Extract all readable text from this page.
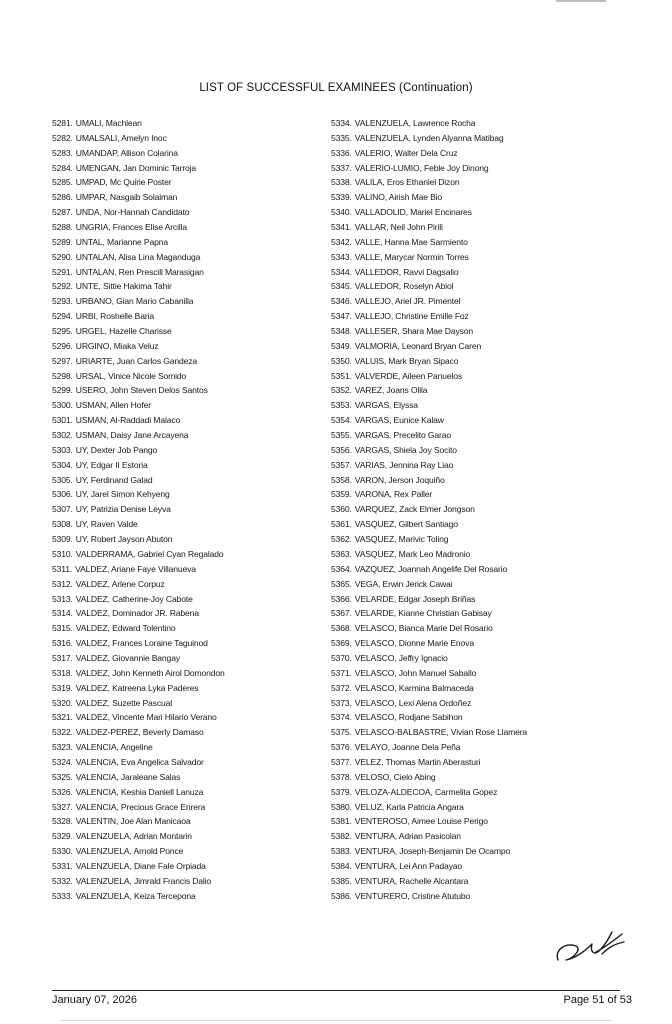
LIST OF SUCCESSFUL EXAMINEES (Continuation)
5281. UMALI, Machlean
5282. UMALSALI, Amelyn Inoc
5283. UMANDAP, Allison Colarina
5284. UMENGAN, Jan Dominic Tarroja
5285. UMPAD, Mc Quirie Poster
5286. UMPAR, Nasgaib Solaiman
5287. UNDA, Nor-Hannah Candidato
5288. UNGRIA, Frances Elise Arcilla
5289. UNTAL, Marianne Papna
5290. UNTALAN, Alisa Lina Maganduga
5291. UNTALAN, Ren Prescill Marasigan
5292. UNTE, Sittie Hakima Tahir
5293. URBANO, Gian Mario Cabanilla
5294. URBI, Roshelle Baria
5295. URGEL, Hazelle Charisse
5296. URGINO, Miaka Veluz
5297. URIARTE, Juan Carlos Gandeza
5298. URSAL, Vinice Nicole Somido
5299. USERO, John Steven Delos Santos
5300. USMAN, Allen Hofer
5301. USMAN, Al-Raddadi Malaco
5302. USMAN, Daisy Jane Arcayena
5303. UY, Dexter Job Pango
5304. UY, Edgar II Estoria
5305. UY, Ferdinand Galad
5306. UY, Jarel Simon Kehyeng
5307. UY, Patrizia Denise Leyva
5308. UY, Raven Valde
5309. UY, Robert Jayson Abuton
5310. VALDERRAMA, Gabriel Cyan Regalado
5311. VALDEZ, Ariane Faye Villanueva
5312. VALDEZ, Arlene Corpuz
5313. VALDEZ, Catherine-Joy Cabote
5314. VALDEZ, Dominador JR. Rabena
5315. VALDEZ, Edward Tolentino
5316. VALDEZ, Frances Loraine Taguinod
5317. VALDEZ, Giovannie Bangay
5318. VALDEZ, John Kenneth Airol Domondon
5319. VALDEZ, Katreena Lyka Paderes
5320. VALDEZ, Suzette Pascual
5321. VALDEZ, Vincente Mari Hilario Verano
5322. VALDEZ-PEREZ, Beverly Damaso
5323. VALENCIA, Angeline
5324. VALENCIA, Eva Angelica Salvador
5325. VALENCIA, Jaraleane Salas
5326. VALENCIA, Keshia Daniell Lanuza
5327. VALENCIA, Precious Grace Enrera
5328. VALENTIN, Joe Alan Manicaoa
5329. VALENZUELA, Adrian Montarin
5330. VALENZUELA, Arnold Ponce
5331. VALENZUELA, Diane Fale Orpiada
5332. VALENZUELA, Jimrald Francis Dalio
5333. VALENZUELA, Keiza Tercepona
5334. VALENZUELA, Lawrence Rocha
5335. VALENZUELA, Lynden Alyanna Matibag
5336. VALERIO, Walter Dela Cruz
5337. VALERIO-LUMIO, Feble Joy Dinong
5338. VALILA, Eros Ethaniel Dizon
5339. VALINO, Airish Mae Bio
5340. VALLADOLID, Mariel Encinares
5341. VALLAR, Neil John Pirili
5342. VALLE, Hanna Mae Sarmiento
5343. VALLE, Marycar Normin Torres
5344. VALLEDOR, Ravvi Dagsalio
5345. VALLEDOR, Roselyn Abiol
5346. VALLEJO, Ariel JR. Pimentel
5347. VALLEJO, Christine Emille Foz
5348. VALLESER, Shara Mae Dayson
5349. VALMORIA, Leonard Bryan Caren
5350. VALUIS, Mark Bryan Sipaco
5351. VALVERDE, Aileen Panuelos
5352. VAREZ, Joans Olila
5353. VARGAS, Elyssa
5354. VARGAS, Eunice Kalaw
5355. VARGAS, Precelito Garao
5356. VARGAS, Shiela Joy Socito
5357. VARIAS, Jennina Ray Liao
5358. VARON, Jerson Joquiño
5359. VARONA, Rex Paller
5360. VARQUEZ, Zack Elmer Jongson
5361. VASQUEZ, Gilbert Santiago
5362. VASQUEZ, Marivic Toling
5363. VASQUEZ, Mark Leo Madronio
5364. VAZQUEZ, Joannah Angelife Del Rosario
5365. VEGA, Erwin Jerick Cawai
5366. VELARDE, Edgar Joseph Briñas
5367. VELARDE, Kianne Christian Gabisay
5368. VELASCO, Bianca Marie Del Rosario
5369. VELASCO, Dionne Marie Enova
5370. VELASCO, Jeffry Ignacio
5371. VELASCO, John Manuel Saballo
5372. VELASCO, Karmina Balmaceda
5373. VELASCO, Lexi Alena Ordoñez
5374. VELASCO, Rodjane Sabihon
5375. VELASCO-BALBASTRE, Vivian Rose Llamera
5376. VELAYO, Joanne Dela Peña
5377. VELEZ, Thomas Martin Aberasturi
5378. VELOSO, Cielo Abing
5379. VELOZA-ALDECOA, Carmelita Gopez
5380. VELUZ, Karla Patricia Angara
5381. VENTEROSO, Aimee Louise Perigo
5382. VENTURA, Adrian Pasicolan
5383. VENTURA, Joseph-Benjamin De Ocampo
5384. VENTURA, Lei Ann Padayao
5385. VENTURA, Rachelle Alcantara
5386. VENTURERO, Cristine Atutubo
January 07, 2026	Page 51 of 53
